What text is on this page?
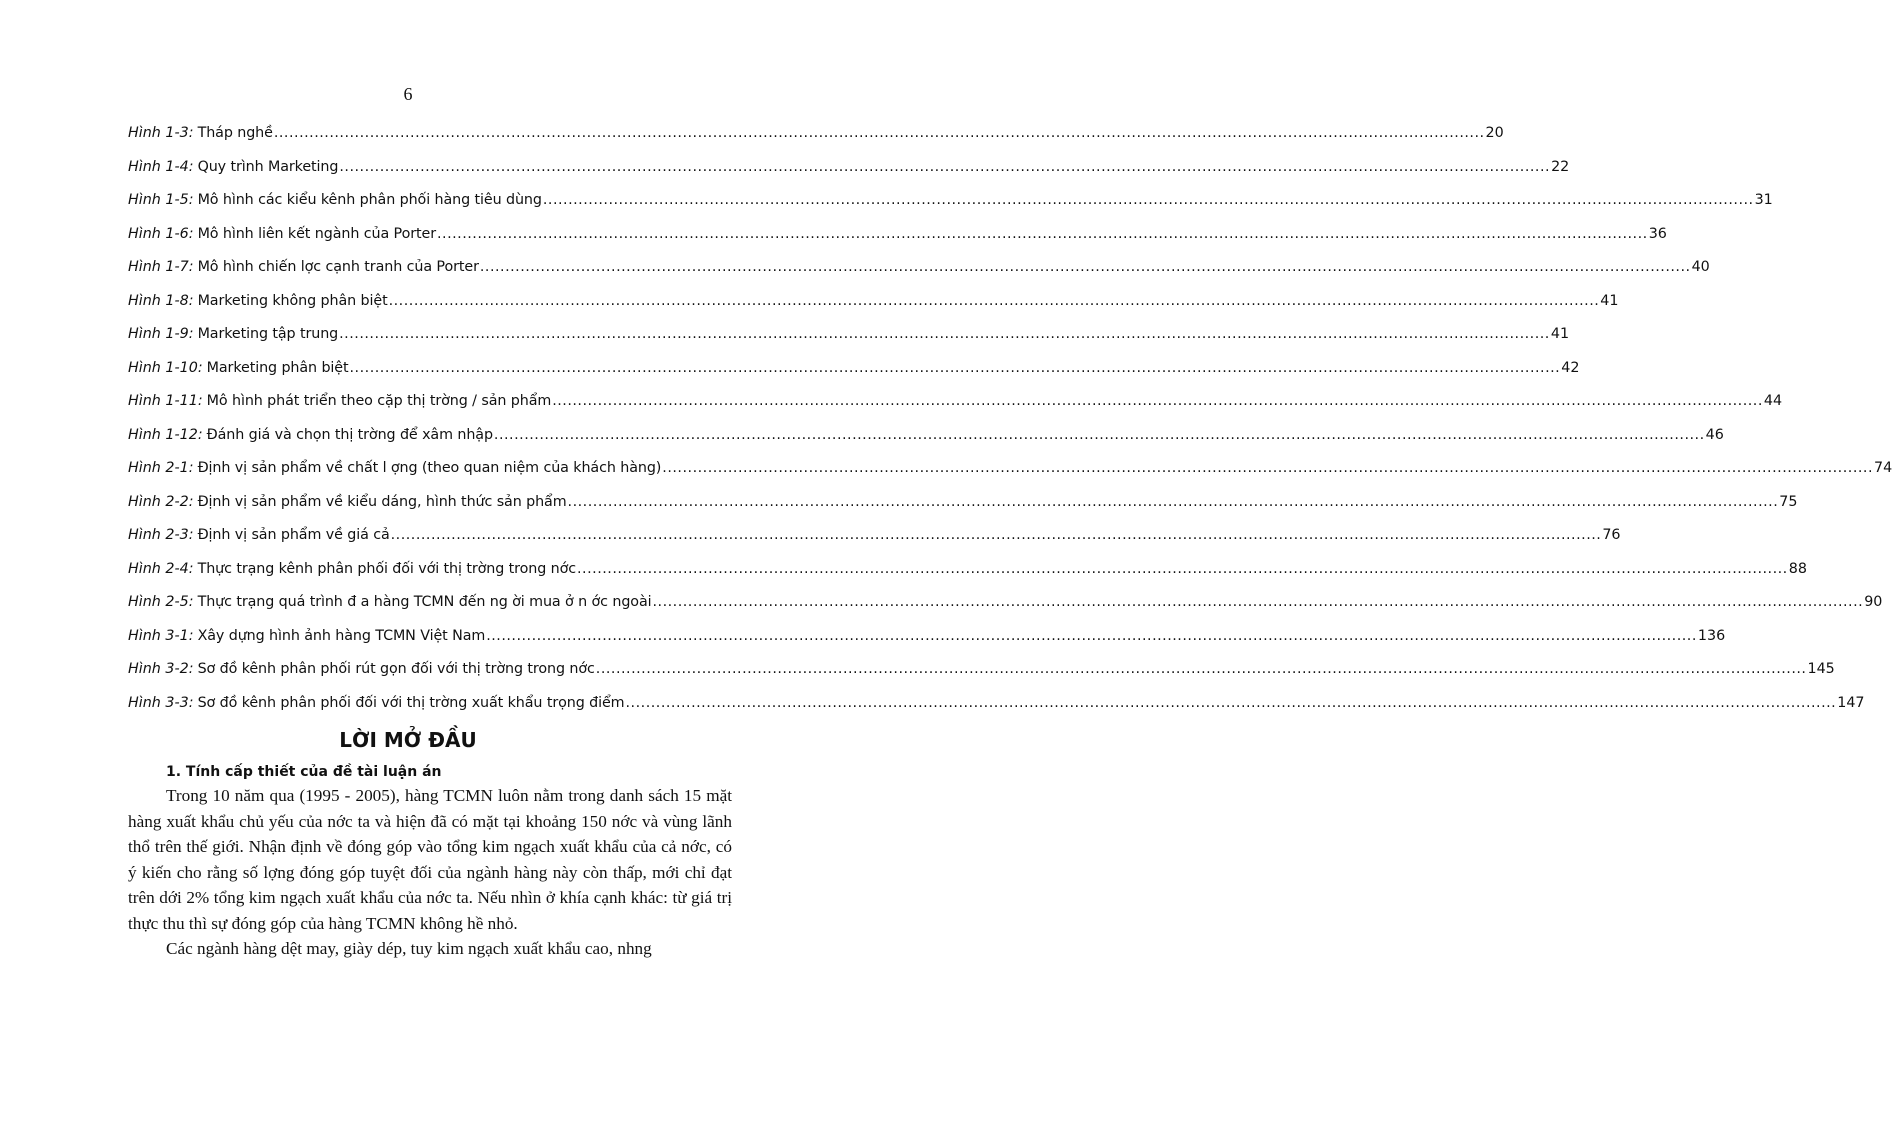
6
Hình 1-3: Tháp nghề ................................................................................................................................................................................................................................................ 20
Hình 1-4: Quy trình Marketing ................................................................................................................................................................................................................................................ 22
Hình 1-5: Mô hình các kiểu kênh phân phối hàng tiêu dùng ................................................................................................................................................................................................................................................ 31
Hình 1-6: Mô hình liên kết ngành của Porter ................................................................................................................................................................................................................................................ 36
Hình 1-7: Mô hình chiến lợc cạnh tranh của Porter ................................................................................................................................................................................................................................................ 40
Hình 1-8: Marketing không phân biệt ................................................................................................................................................................................................................................................ 41
Hình 1-9: Marketing tập trung ................................................................................................................................................................................................................................................ 41
Hình 1-10: Marketing phân biệt ................................................................................................................................................................................................................................................ 42
Hình 1-11: Mô hình phát triển theo cặp thị trờng / sản phẩm ................................................................................................................................................................................................................................................ 44
Hình 1-12: Đánh giá và chọn thị trờng để xâm nhập ................................................................................................................................................................................................................................................ 46
Hình 2-1: Định vị sản phẩm về chất l ợng (theo quan niệm của khách hàng) ................................................................................................................................................................................................................................................ 74
Hình 2-2: Định vị sản phẩm về kiểu dáng, hình thức sản phẩm ................................................................................................................................................................................................................................................ 75
Hình 2-3: Định vị sản phẩm về giá cả ................................................................................................................................................................................................................................................ 76
Hình 2-4: Thực trạng kênh phân phối đối với thị trờng trong nớc ................................................................................................................................................................................................................................................ 88
Hình 2-5: Thực trạng quá trình đ a hàng TCMN đến ng ời mua ở n ớc ngoài ................................................................................................................................................................................................................................................ 90
Hình 3-1: Xây dựng hình ảnh hàng TCMN Việt Nam ................................................................................................................................................................................................................................................ 136
Hình 3-2: Sơ đồ kênh phân phối rút gọn đối với thị trờng trong nớc ................................................................................................................................................................................................................................................ 145
Hình 3-3: Sơ đồ kênh phân phối đối với thị trờng xuất khẩu trọng điểm ................................................................................................................................................................................................................................................ 147
LỜI MỞ ĐẦU
1. Tính cấp thiết của đề tài luận án

Trong 10 năm qua (1995 - 2005), hàng TCMN luôn nằm trong danh sách 15 mặt hàng xuất khẩu chủ yếu của nớc ta và hiện đã có mặt tại khoảng 150 nớc và vùng lãnh thổ trên thế giới. Nhận định về đóng góp vào tổng kim ngạch xuất khẩu của cả nớc, có ý kiến cho rằng số lợng đóng góp tuyệt đối của ngành hàng này còn thấp, mới chỉ đạt trên dới 2% tổng kim ngạch xuất khẩu của nớc ta. Nếu nhìn ở khía cạnh khác: từ giá trị thực thu thì sự đóng góp của hàng TCMN không hề nhỏ.

Các ngành hàng dệt may, giày dép, tuy kim ngạch xuất khẩu cao, nhng
